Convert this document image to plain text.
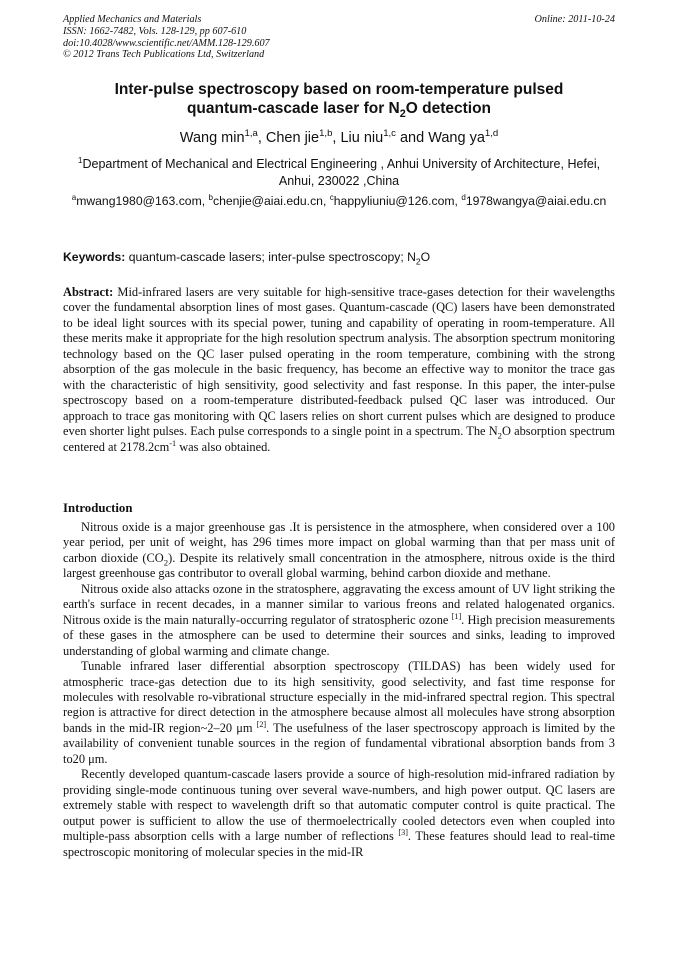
Applied Mechanics and Materials
ISSN: 1662-7482, Vols. 128-129, pp 607-610
doi:10.4028/www.scientific.net/AMM.128-129.607
© 2012 Trans Tech Publications Ltd, Switzerland
Online: 2011-10-24
Inter-pulse spectroscopy based on room-temperature pulsed
quantum-cascade laser for $N_2O$ detection
Wang $\min^{1,a}$, Chen jie$^{1,b}$, Liu niu$^{1,c}$ and Wang ya$^{1,d}$
$^1$Department of Mechanical and Electrical Engineering , Anhui University of Architecture, Hefei,
Anhui, 230022 ,China
$^a$mwang1980@163.com, $^b$chenjie@aiai.edu.cn, $^c$happyliuniu@126.com, $^d$1978wangya@aiai.edu.cn
Keywords: quantum-cascade lasers; inter-pulse spectroscopy; $N_2O$
Abstract: Mid-infrared lasers are very suitable for high-sensitive trace-gases detection for their wavelengths cover the fundamental absorption lines of most gases. Quantum-cascade (QC) lasers have been demonstrated to be ideal light sources with its special power, tuning and capability of operating in room-temperature. All these merits make it appropriate for the high resolution spectrum analysis. The absorption spectrum monitoring technology based on the QC laser pulsed operating in the room temperature, combining with the strong absorption of the gas molecule in the basic frequency, has become an effective way to monitor the trace gas with the characteristic of high sensitivity, good selectivity and fast response. In this paper, the inter-pulse spectroscopy based on a room-temperature distributed-feedback pulsed QC laser was introduced. Our approach to trace gas monitoring with QC lasers relies on short current pulses which are designed to produce even shorter light pulses. Each pulse corresponds to a single point in a spectrum. The $N_2O$ absorption spectrum centered at $2178.2cm^{-1}$ was also obtained.
Introduction

Nitrous oxide is a major greenhouse gas .It is persistence in the atmosphere, when considered over a 100 year period, per unit of weight, has 296 times more impact on global warming than that per mass unit of carbon dioxide $(CO_2)$. Despite its relatively small concentration in the atmosphere, nitrous oxide is the third largest greenhouse gas contributor to overall global warming, behind carbon dioxide and methane.

Nitrous oxide also attacks ozone in the stratosphere, aggravating the excess amount of UV light striking the earth's surface in recent decades, in a manner similar to various freons and related halogenated organics. Nitrous oxide is the main naturally-occurring regulator of stratospheric ozone [1]. High precision measurements of these gases in the atmosphere can be used to determine their sources and sinks, leading to improved understanding of global warming and climate change.

Tunable infrared laser differential absorption spectroscopy (TILDAS) has been widely used for atmospheric trace-gas detection due to its high sensitivity, good selectivity, and fast time response for molecules with resolvable ro-vibrational structure especially in the mid-infrared spectral region. This spectral region is attractive for direct detection in the atmosphere because almost all molecules have strong absorption bands in the mid-IR region~2–20 μm [2]. The usefulness of the laser spectroscopy approach is limited by the availability of convenient tunable sources in the region of fundamental vibrational absorption bands from 3 to20 μm.

Recently developed quantum-cascade lasers provide a source of high-resolution mid-infrared radiation by providing single-mode continuous tuning over several wave-numbers, and high power output. QC lasers are extremely stable with respect to wavelength drift so that automatic computer control is quite practical. The output power is sufficient to allow the use of thermoelectrically cooled detectors even when coupled into multiple-pass absorption cells with a large number of reflections [3]. These features should lead to real-time spectroscopic monitoring of molecular species in the mid-IR
